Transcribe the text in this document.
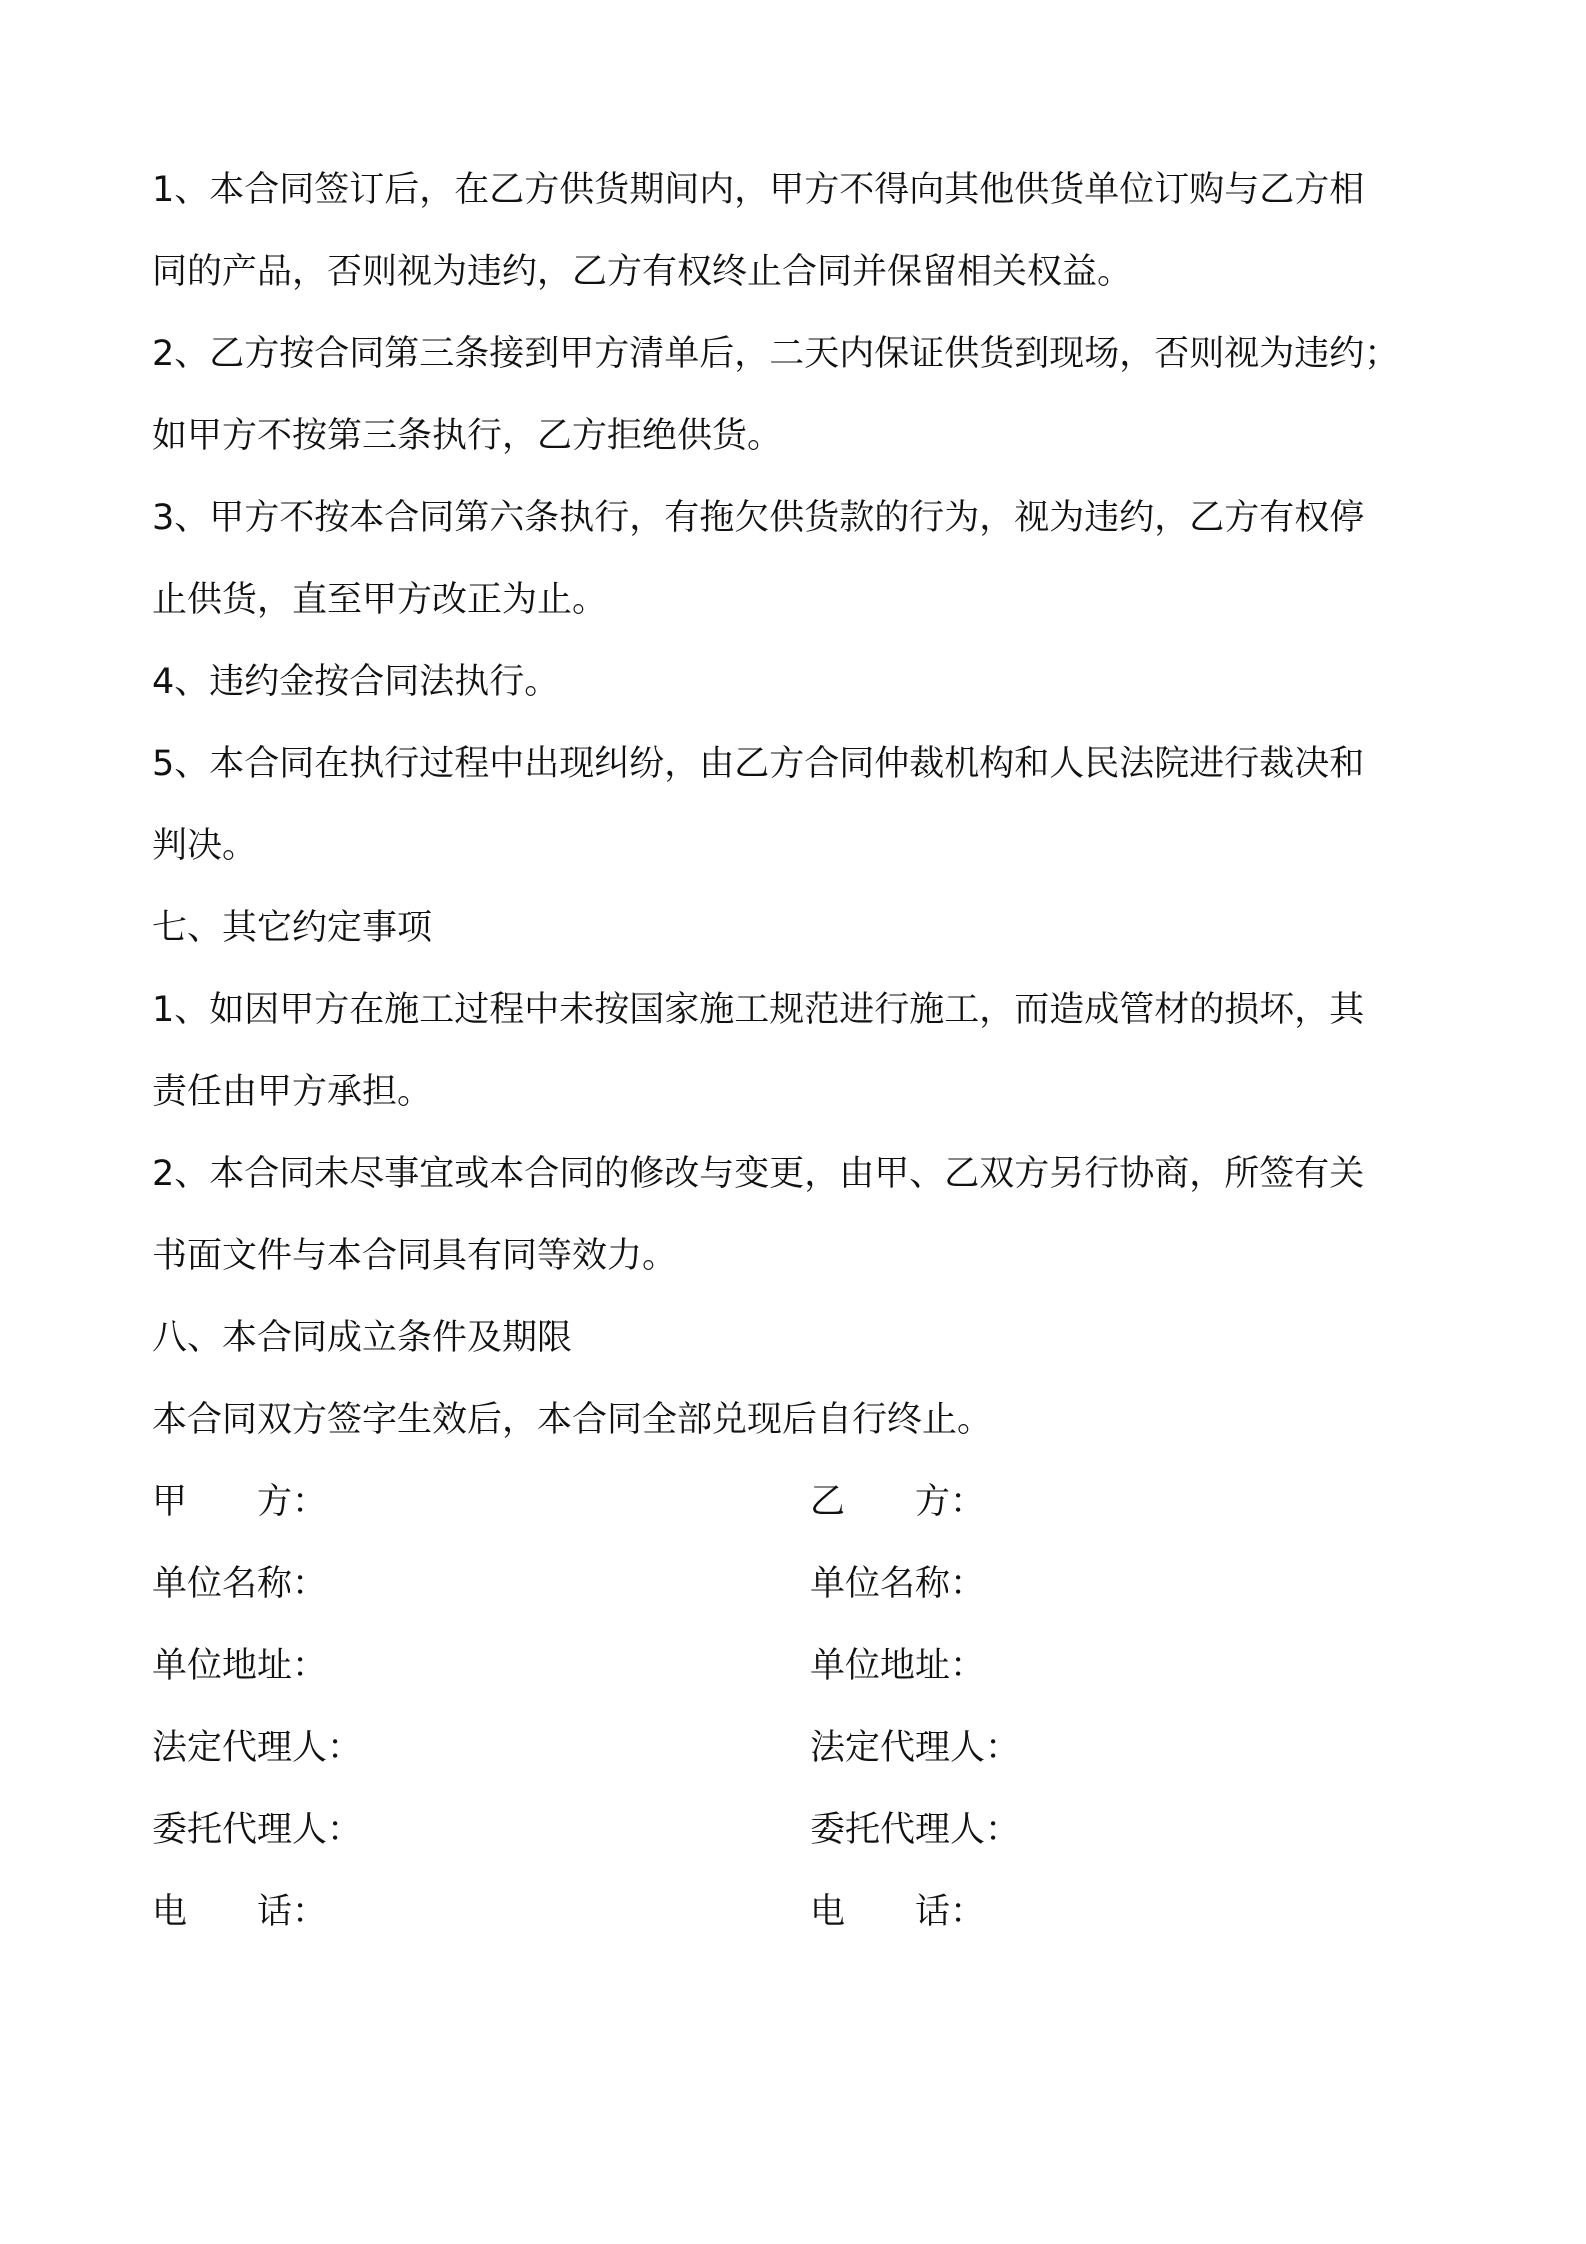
1、本合同签订后，在乙方供货期间内，甲方不得向其他供货单位订购与乙方相
同的产品，否则视为违约，乙方有权终止合同并保留相关权益。
2、乙方按合同第三条接到甲方清单后，二天内保证供货到现场，否则视为违约；
如甲方不按第三条执行，乙方拒绝供货。
3、甲方不按本合同第六条执行，有拖欠供货款的行为，视为违约，乙方有权停
止供货，直至甲方改正为止。
4、违约金按合同法执行。
5、本合同在执行过程中出现纠纷，由乙方合同仲裁机构和人民法院进行裁决和
判决。
七、其它约定事项
1、如因甲方在施工过程中未按国家施工规范进行施工，而造成管材的损坏，其
责任由甲方承担。
2、本合同未尽事宜或本合同的修改与变更，由甲、乙双方另行协商，所签有关
书面文件与本合同具有同等效力。
八、本合同成立条件及期限
本合同双方签字生效后，本合同全部兑现后自行终止。
甲　　方：
单位名称：
单位地址：
法定代理人：
委托代理人：
电　　话：
乙　　方：
单位名称：
单位地址：
法定代理人：
委托代理人：
电　　话：
